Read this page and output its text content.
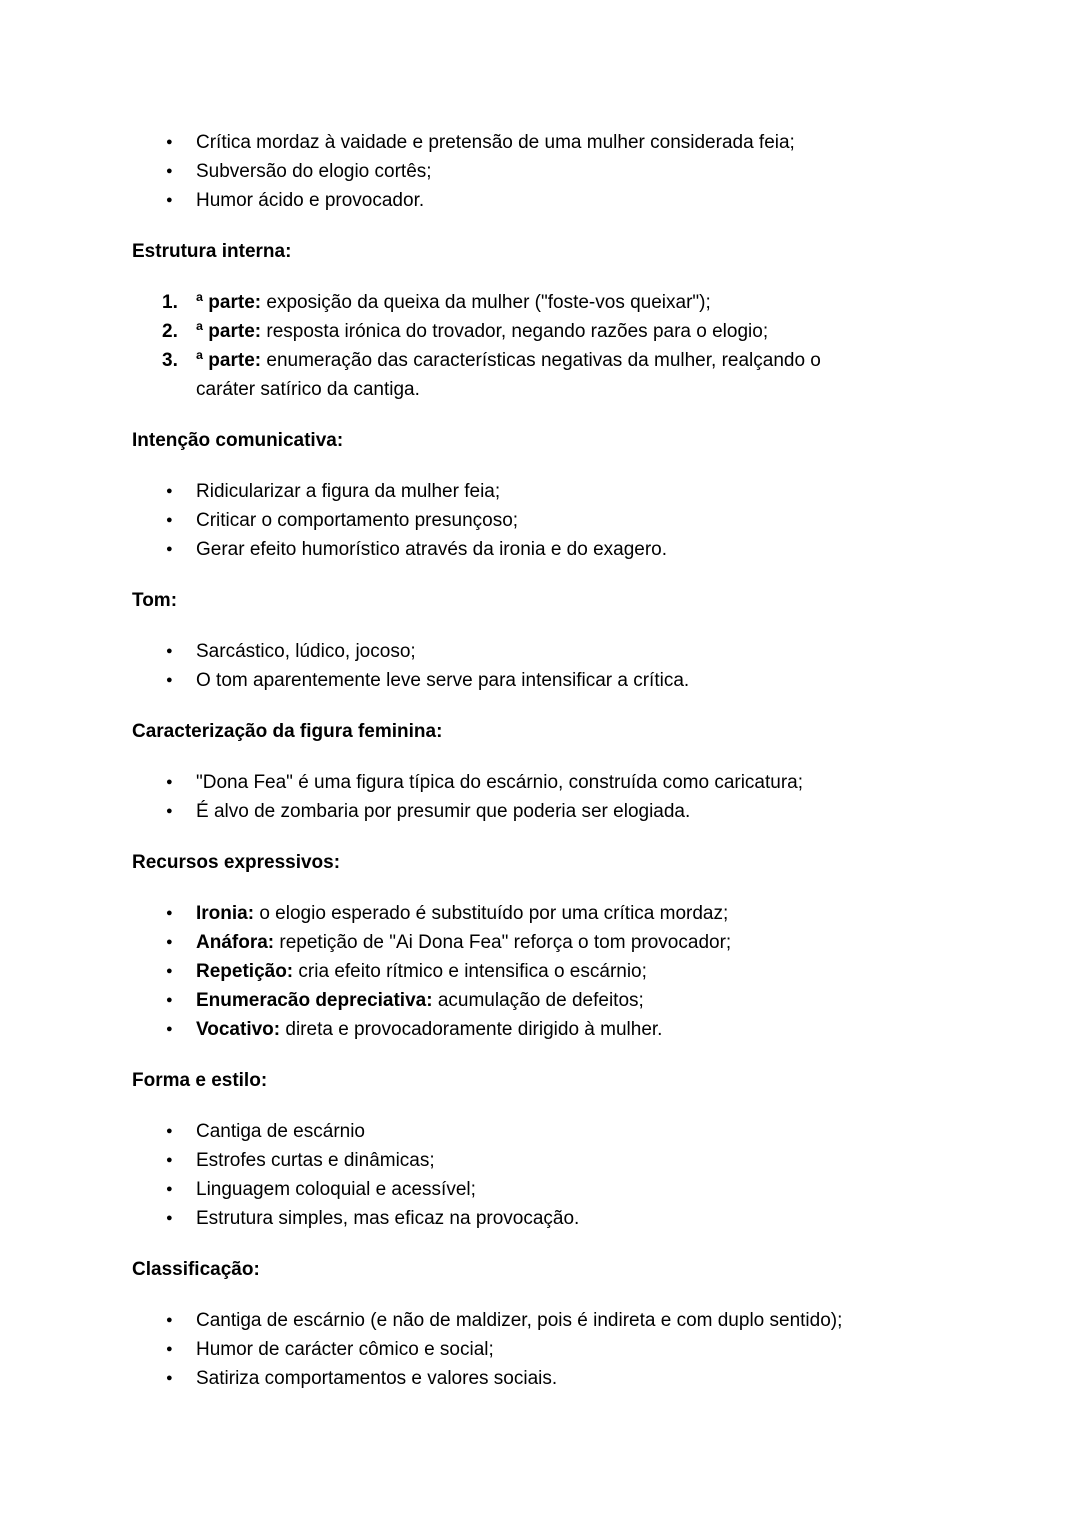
●	Crítica mordaz à vaidade e pretensão de uma mulher considerada feia;
●	Subversão do elogio cortês;
●	Humor ácido e provocador.
Estrutura interna:
1. ª parte: exposição da queixa da mulher ("foste-vos queixar");
2. ª parte: resposta irónica do trovador, negando razões para o elogio;
3. ª parte: enumeração das características negativas da mulher, realçando o
caráter satírico da cantiga.
Intenção comunicativa:
●	Ridicularizar a figura da mulher feia;
●	Criticar o comportamento presunçoso;
●	Gerar efeito humorístico através da ironia e do exagero.
Tom:
●	Sarcástico, lúdico, jocoso;
●	O tom aparentemente leve serve para intensificar a crítica.
Caracterização da figura feminina:
●	"Dona Fea" é uma figura típica do escárnio, construída como caricatura;
●	É alvo de zombaria por presumir que poderia ser elogiada.
Recursos expressivos:
●	Ironia: o elogio esperado é substituído por uma crítica mordaz;
●	Anáfora: repetição de "Ai Dona Fea" reforça o tom provocador;
●	Repetição: cria efeito rítmico e intensifica o escárnio;
●	Enumeracão depreciativa: acumulação de defeitos;
●	Vocativo: direta e provocadoramente dirigido à mulher.
Forma e estilo:
●	Cantiga de escárnio
●	Estrofes curtas e dinâmicas;
●	Linguagem coloquial e acessível;
●	Estrutura simples, mas eficaz na provocação.
Classificação:
●	Cantiga de escárnio (e não de maldizer, pois é indireta e com duplo sentido);
●	Humor de carácter cômico e social;
●	Satiriza comportamentos e valores sociais.
